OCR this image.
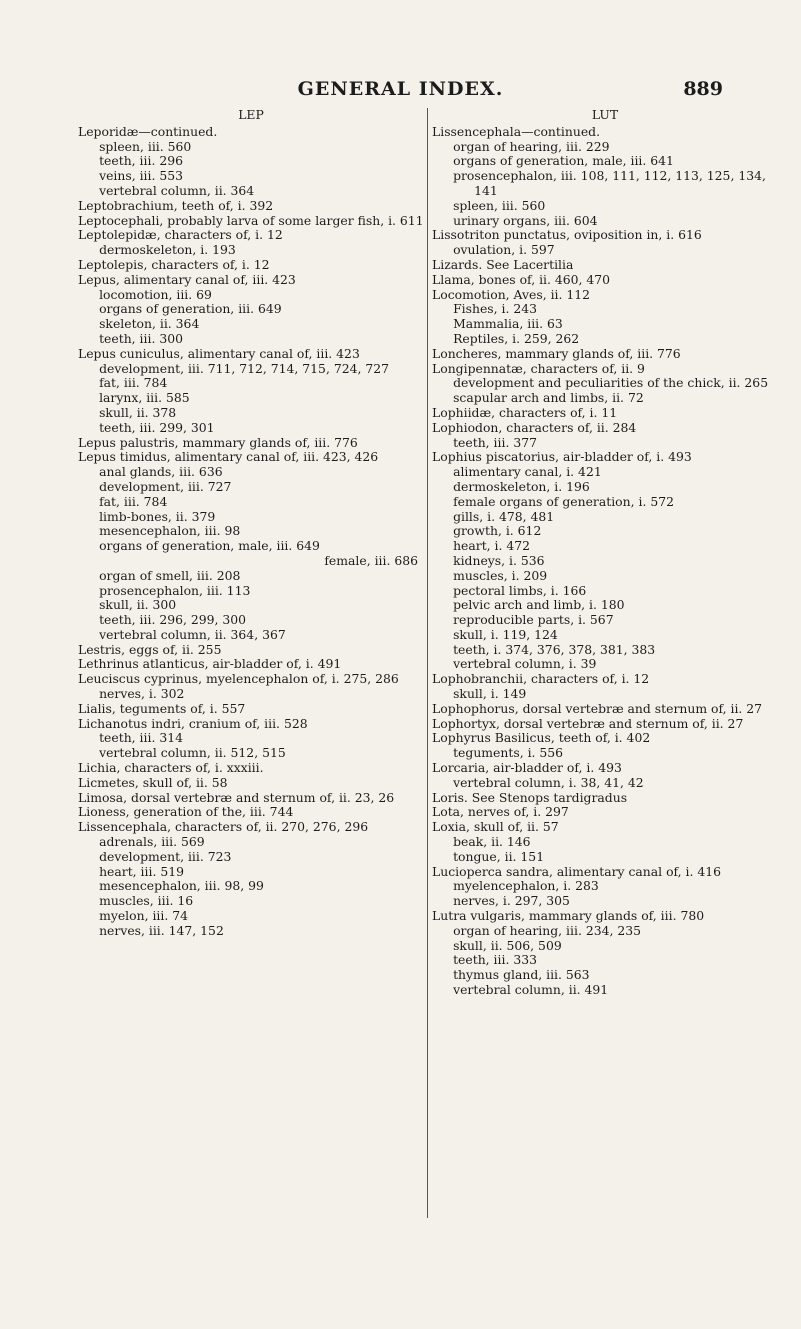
GENERAL INDEX.	889
LEP
Leporidæ—continued.
spleen, iii. 560
teeth, iii. 296
veins, iii. 553
vertebral column, ii. 364
Leptobrachium, teeth of, i. 392
Leptocephali, probably larva of some larger fish, i. 611
Leptolepidæ, characters of, i. 12
dermoskeleton, i. 193
Leptolepis, characters of, i. 12
Lepus, alimentary canal of, iii. 423
locomotion, iii. 69
organs of generation, iii. 649
skeleton, ii. 364
teeth, iii. 300
Lepus cuniculus, alimentary canal of, iii. 423
development, iii. 711, 712, 714, 715, 724, 727
fat, iii. 784
larynx, iii. 585
skull, ii. 378
teeth, iii. 299, 301
Lepus palustris, mammary glands of, iii. 776
Lepus timidus, alimentary canal of, iii. 423, 426
anal glands, iii. 636
development, iii. 727
fat, iii. 784
limb-bones, ii. 379
mesencephalon, iii. 98
organs of generation, male, iii. 649
female, iii. 686
organ of smell, iii. 208
prosencephalon, iii. 113
skull, ii. 300
teeth, iii. 296, 299, 300
vertebral column, ii. 364, 367
Lestris, eggs of, ii. 255
Lethrinus atlanticus, air-bladder of, i. 491
Leuciscus cyprinus, myelencephalon of, i. 275, 286
nerves, i. 302
Lialis, teguments of, i. 557
Lichanotus indri, cranium of, iii. 528
teeth, iii. 314
vertebral column, ii. 512, 515
Lichia, characters of, i. xxxiii.
Licmetes, skull of, ii. 58
Limosa, dorsal vertebræ and sternum of, ii. 23, 26
Lioness, generation of the, iii. 744
Lissencephala, characters of, ii. 270, 276, 296
adrenals, iii. 569
development, iii. 723
heart, iii. 519
mesencephalon, iii. 98, 99
muscles, iii. 16
myelon, iii. 74
nerves, iii. 147, 152
LUT
Lissencephala—continued.
organ of hearing, iii. 229
organs of generation, male, iii. 641
prosencephalon, iii. 108, 111, 112, 113, 125, 134, 141
spleen, iii. 560
urinary organs, iii. 604
Lissotriton punctatus, oviposition in, i. 616
ovulation, i. 597
Lizards. See Lacertilia
Llama, bones of, ii. 460, 470
Locomotion, Aves, ii. 112
Fishes, i. 243
Mammalia, iii. 63
Reptiles, i. 259, 262
Loncheres, mammary glands of, iii. 776
Longipennatæ, characters of, ii. 9
development and peculiarities of the chick, ii. 265
scapular arch and limbs, ii. 72
Lophiidæ, characters of, i. 11
Lophiodon, characters of, ii. 284
teeth, iii. 377
Lophius piscatorius, air-bladder of, i. 493
alimentary canal, i. 421
dermoskeleton, i. 196
female organs of generation, i. 572
gills, i. 478, 481
growth, i. 612
heart, i. 472
kidneys, i. 536
muscles, i. 209
pectoral limbs, i. 166
pelvic arch and limb, i. 180
reproducible parts, i. 567
skull, i. 119, 124
teeth, i. 374, 376, 378, 381, 383
vertebral column, i. 39
Lophobranchii, characters of, i. 12
skull, i. 149
Lophophorus, dorsal vertebræ and sternum of, ii. 27
Lophortyx, dorsal vertebræ and sternum of, ii. 27
Lophyrus Basilicus, teeth of, i. 402
teguments, i. 556
Lorcaria, air-bladder of, i. 493
vertebral column, i. 38, 41, 42
Loris. See Stenops tardigradus
Lota, nerves of, i. 297
Loxia, skull of, ii. 57
beak, ii. 146
tongue, ii. 151
Lucioperca sandra, alimentary canal of, i. 416
myelencephalon, i. 283
nerves, i. 297, 305
Lutra vulgaris, mammary glands of, iii. 780
organ of hearing, iii. 234, 235
skull, ii. 506, 509
teeth, iii. 333
thymus gland, iii. 563
vertebral column, ii. 491
